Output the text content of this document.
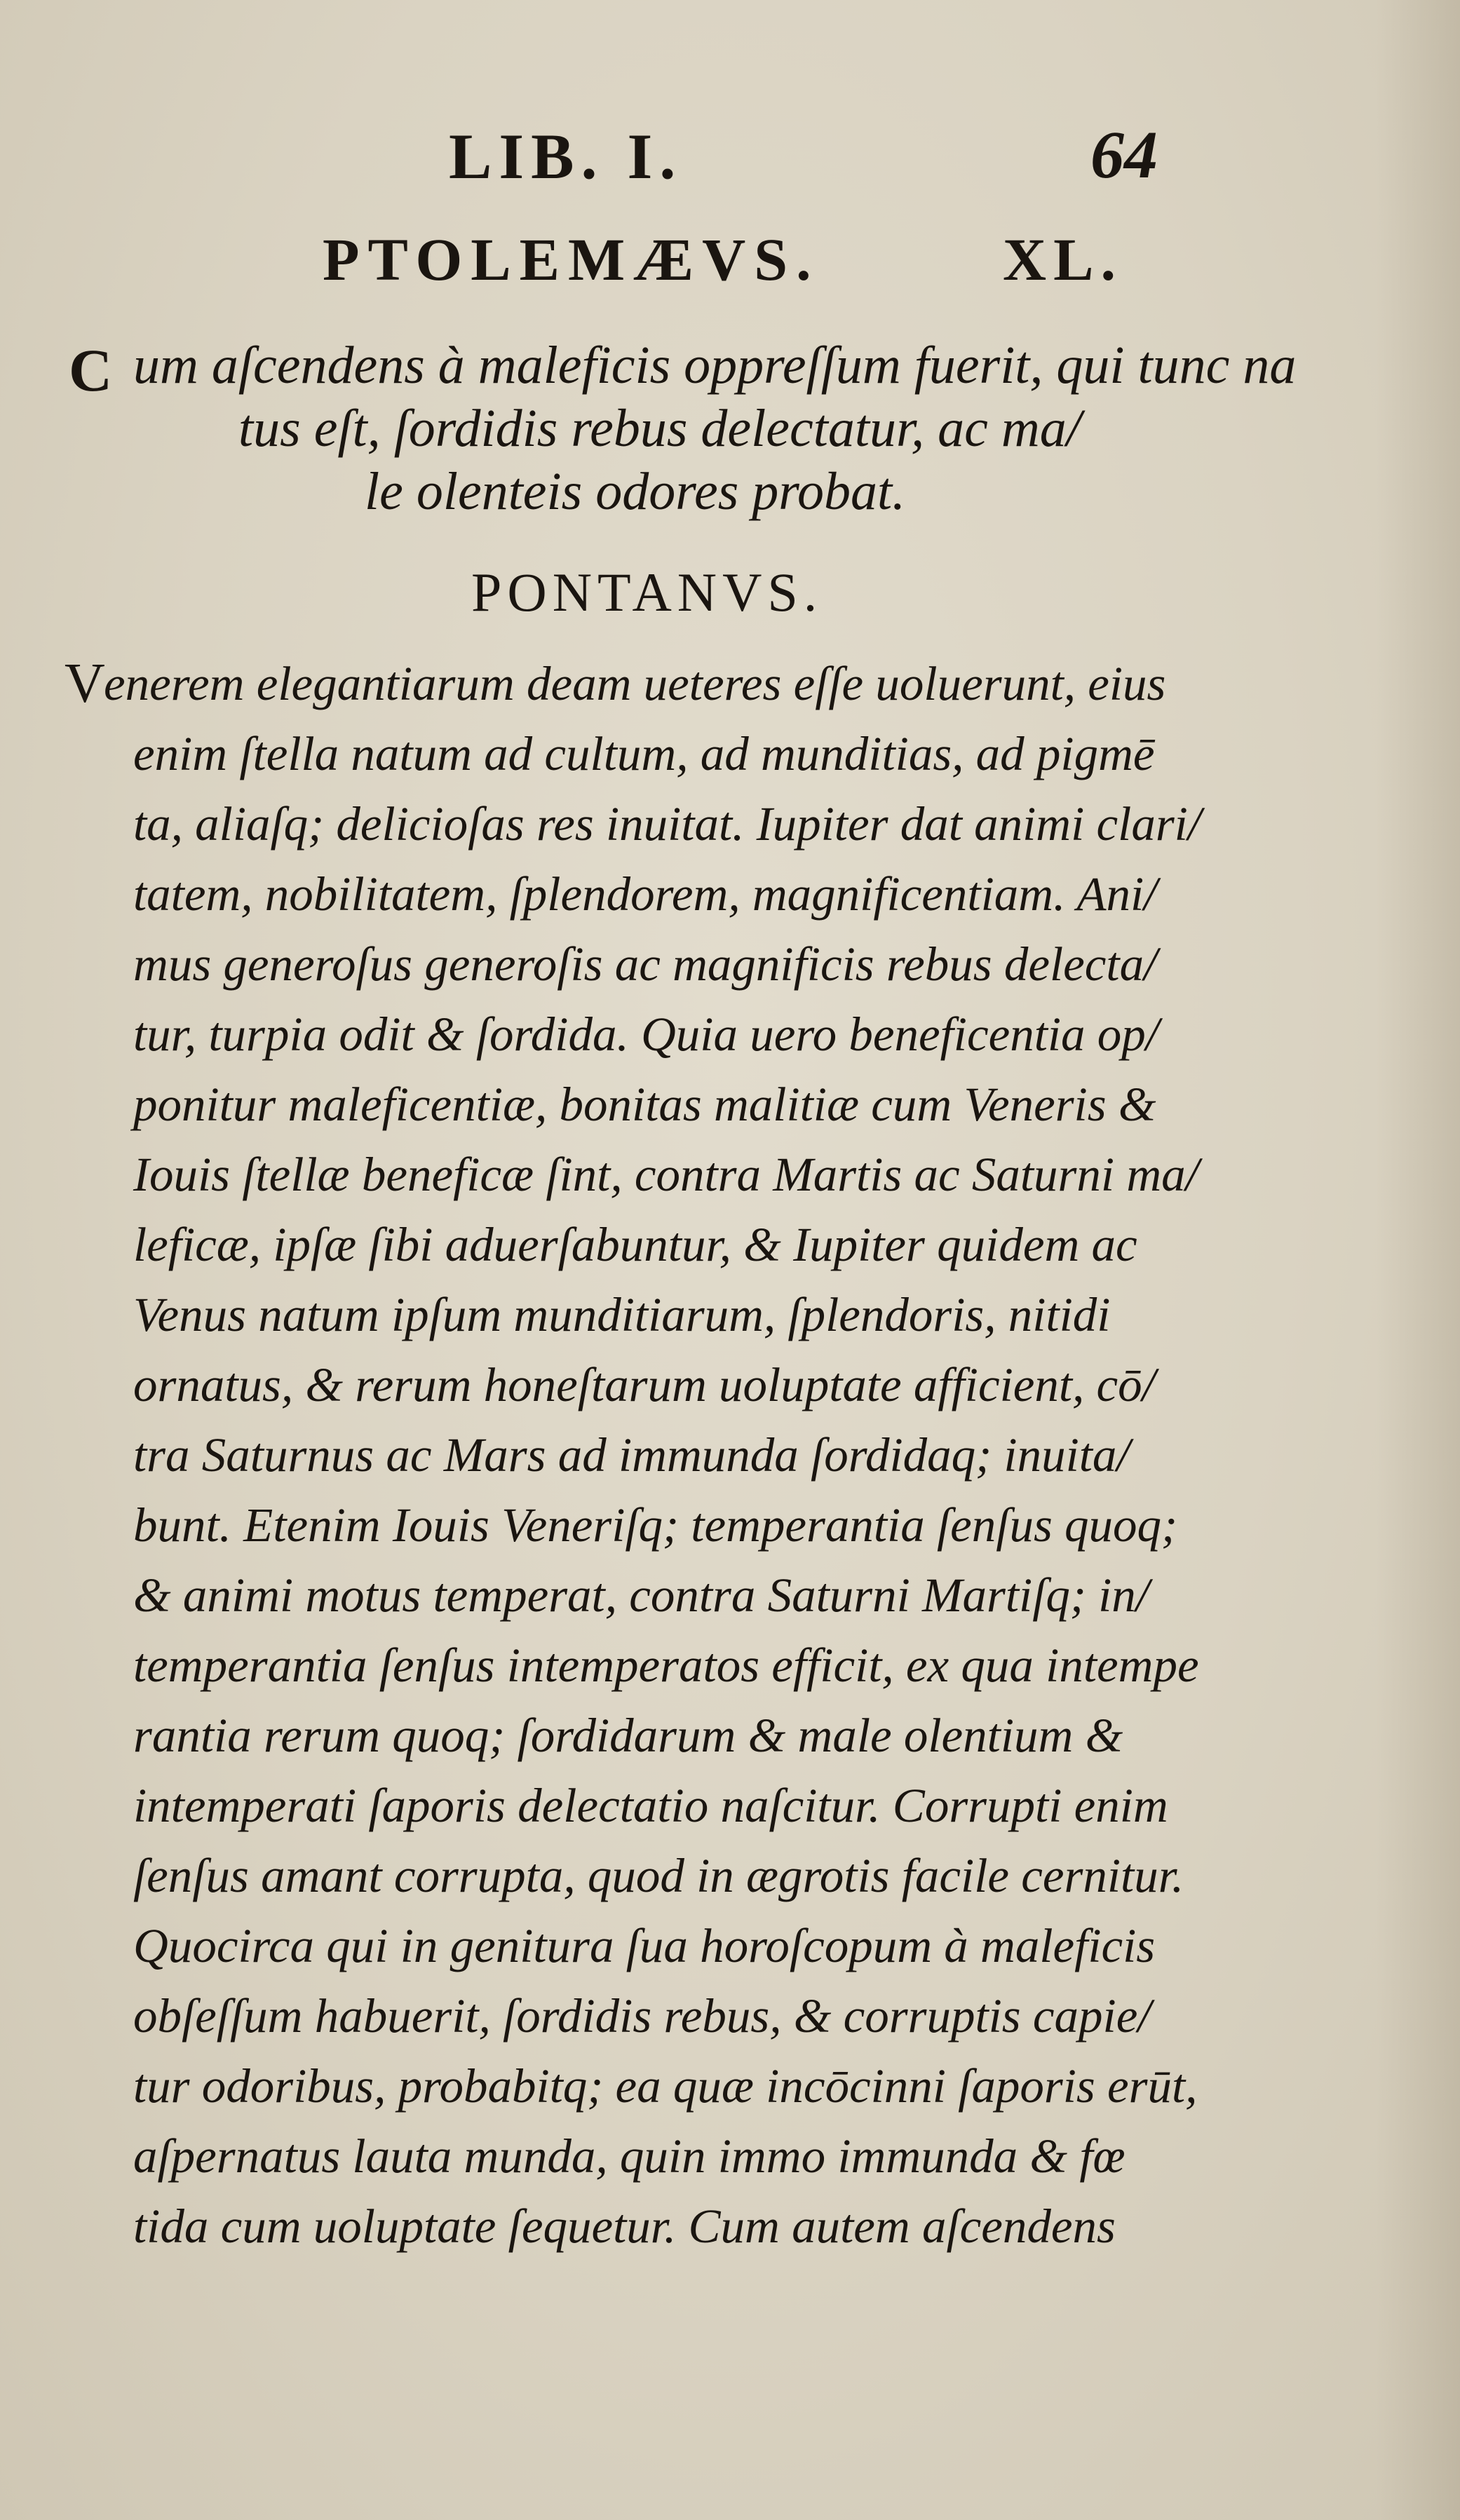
LIB. I.	64
PTOLEMÆVS.	XL.
C um aſcendens à maleficis oppreſſum fuerit, qui tunc na
tus eſt, ſordidis rebus delectatur, ac ma/
le olenteis odores probat.
PONTANVS.
V
enerem elegantiarum deam ueteres eſſe uoluerunt, eius
enim ſtella natum ad cultum, ad munditias, ad pigmē
ta, aliaſq; delicioſas res inuitat. Iupiter dat animi clari/
tatem, nobilitatem, ſplendorem, magnificentiam. Ani/
mus generoſus generoſis ac magnificis rebus delecta/
tur, turpia odit & ſordida. Quia uero beneficentia op/
ponitur maleficentiæ, bonitas malitiæ cum Veneris &
Iouis ſtellæ beneficæ ſint, contra Martis ac Saturni ma/
leficæ, ipſæ ſibi aduerſabuntur, & Iupiter quidem ac
Venus natum ipſum munditiarum, ſplendoris, nitidi
ornatus, & rerum honeſtarum uoluptate afficient, cō/
tra Saturnus ac Mars ad immunda ſordidaq; inuita/
bunt. Etenim Iouis Veneriſq; temperantia ſenſus quoq;
& animi motus temperat, contra Saturni Martiſq; in/
temperantia ſenſus intemperatos efficit, ex qua intempe
rantia rerum quoq; ſordidarum & male olentium &
intemperati ſaporis delectatio naſcitur. Corrupti enim
ſenſus amant corrupta, quod in ægrotis facile cernitur.
Quocirca qui in genitura ſua horoſcopum à maleficis
obſeſſum habuerit, ſordidis rebus, & corruptis capie/
tur odoribus, probabitq; ea quæ incōcinni ſaporis erūt,
aſpernatus lauta munda, quin immo immunda & fœ
tida cum uoluptate ſequetur. Cum autem aſcendens
